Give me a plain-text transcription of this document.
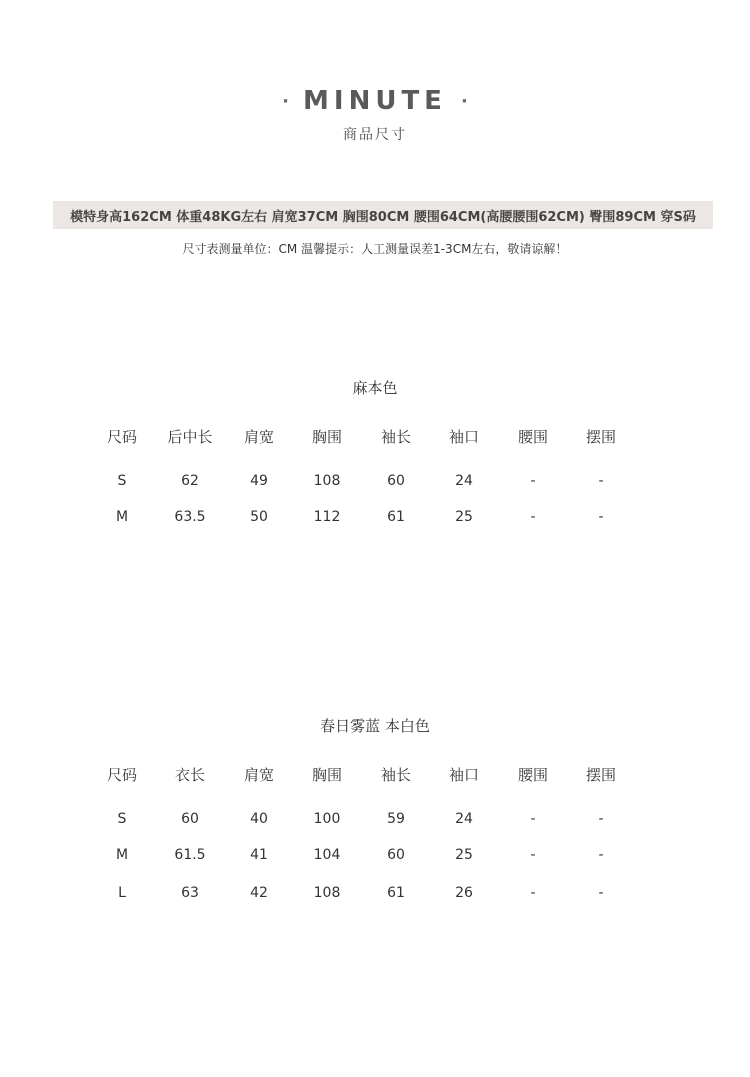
· MINUTE ·
商品尺寸
模特身高162CM 体重48KG左右 肩宽37CM 胸围80CM 腰围64CM(高腰腰围62CM) 臀围89CM 穿S码
尺寸表测量单位：CM 温馨提示：人工测量误差1-3CM左右，敬请谅解！
麻本色
尺码	后中长	肩宽	胸围	袖长	袖口	腰围	摆围
S	62	49	108	60	24	-	-
M	63.5	50	112	61	25	-	-
春日雾蓝 本白色
尺码	衣长	肩宽	胸围	袖长	袖口	腰围	摆围
S	60	40	100	59	24	-	-
M	61.5	41	104	60	25	-	-
L	63	42	108	61	26	-	-
